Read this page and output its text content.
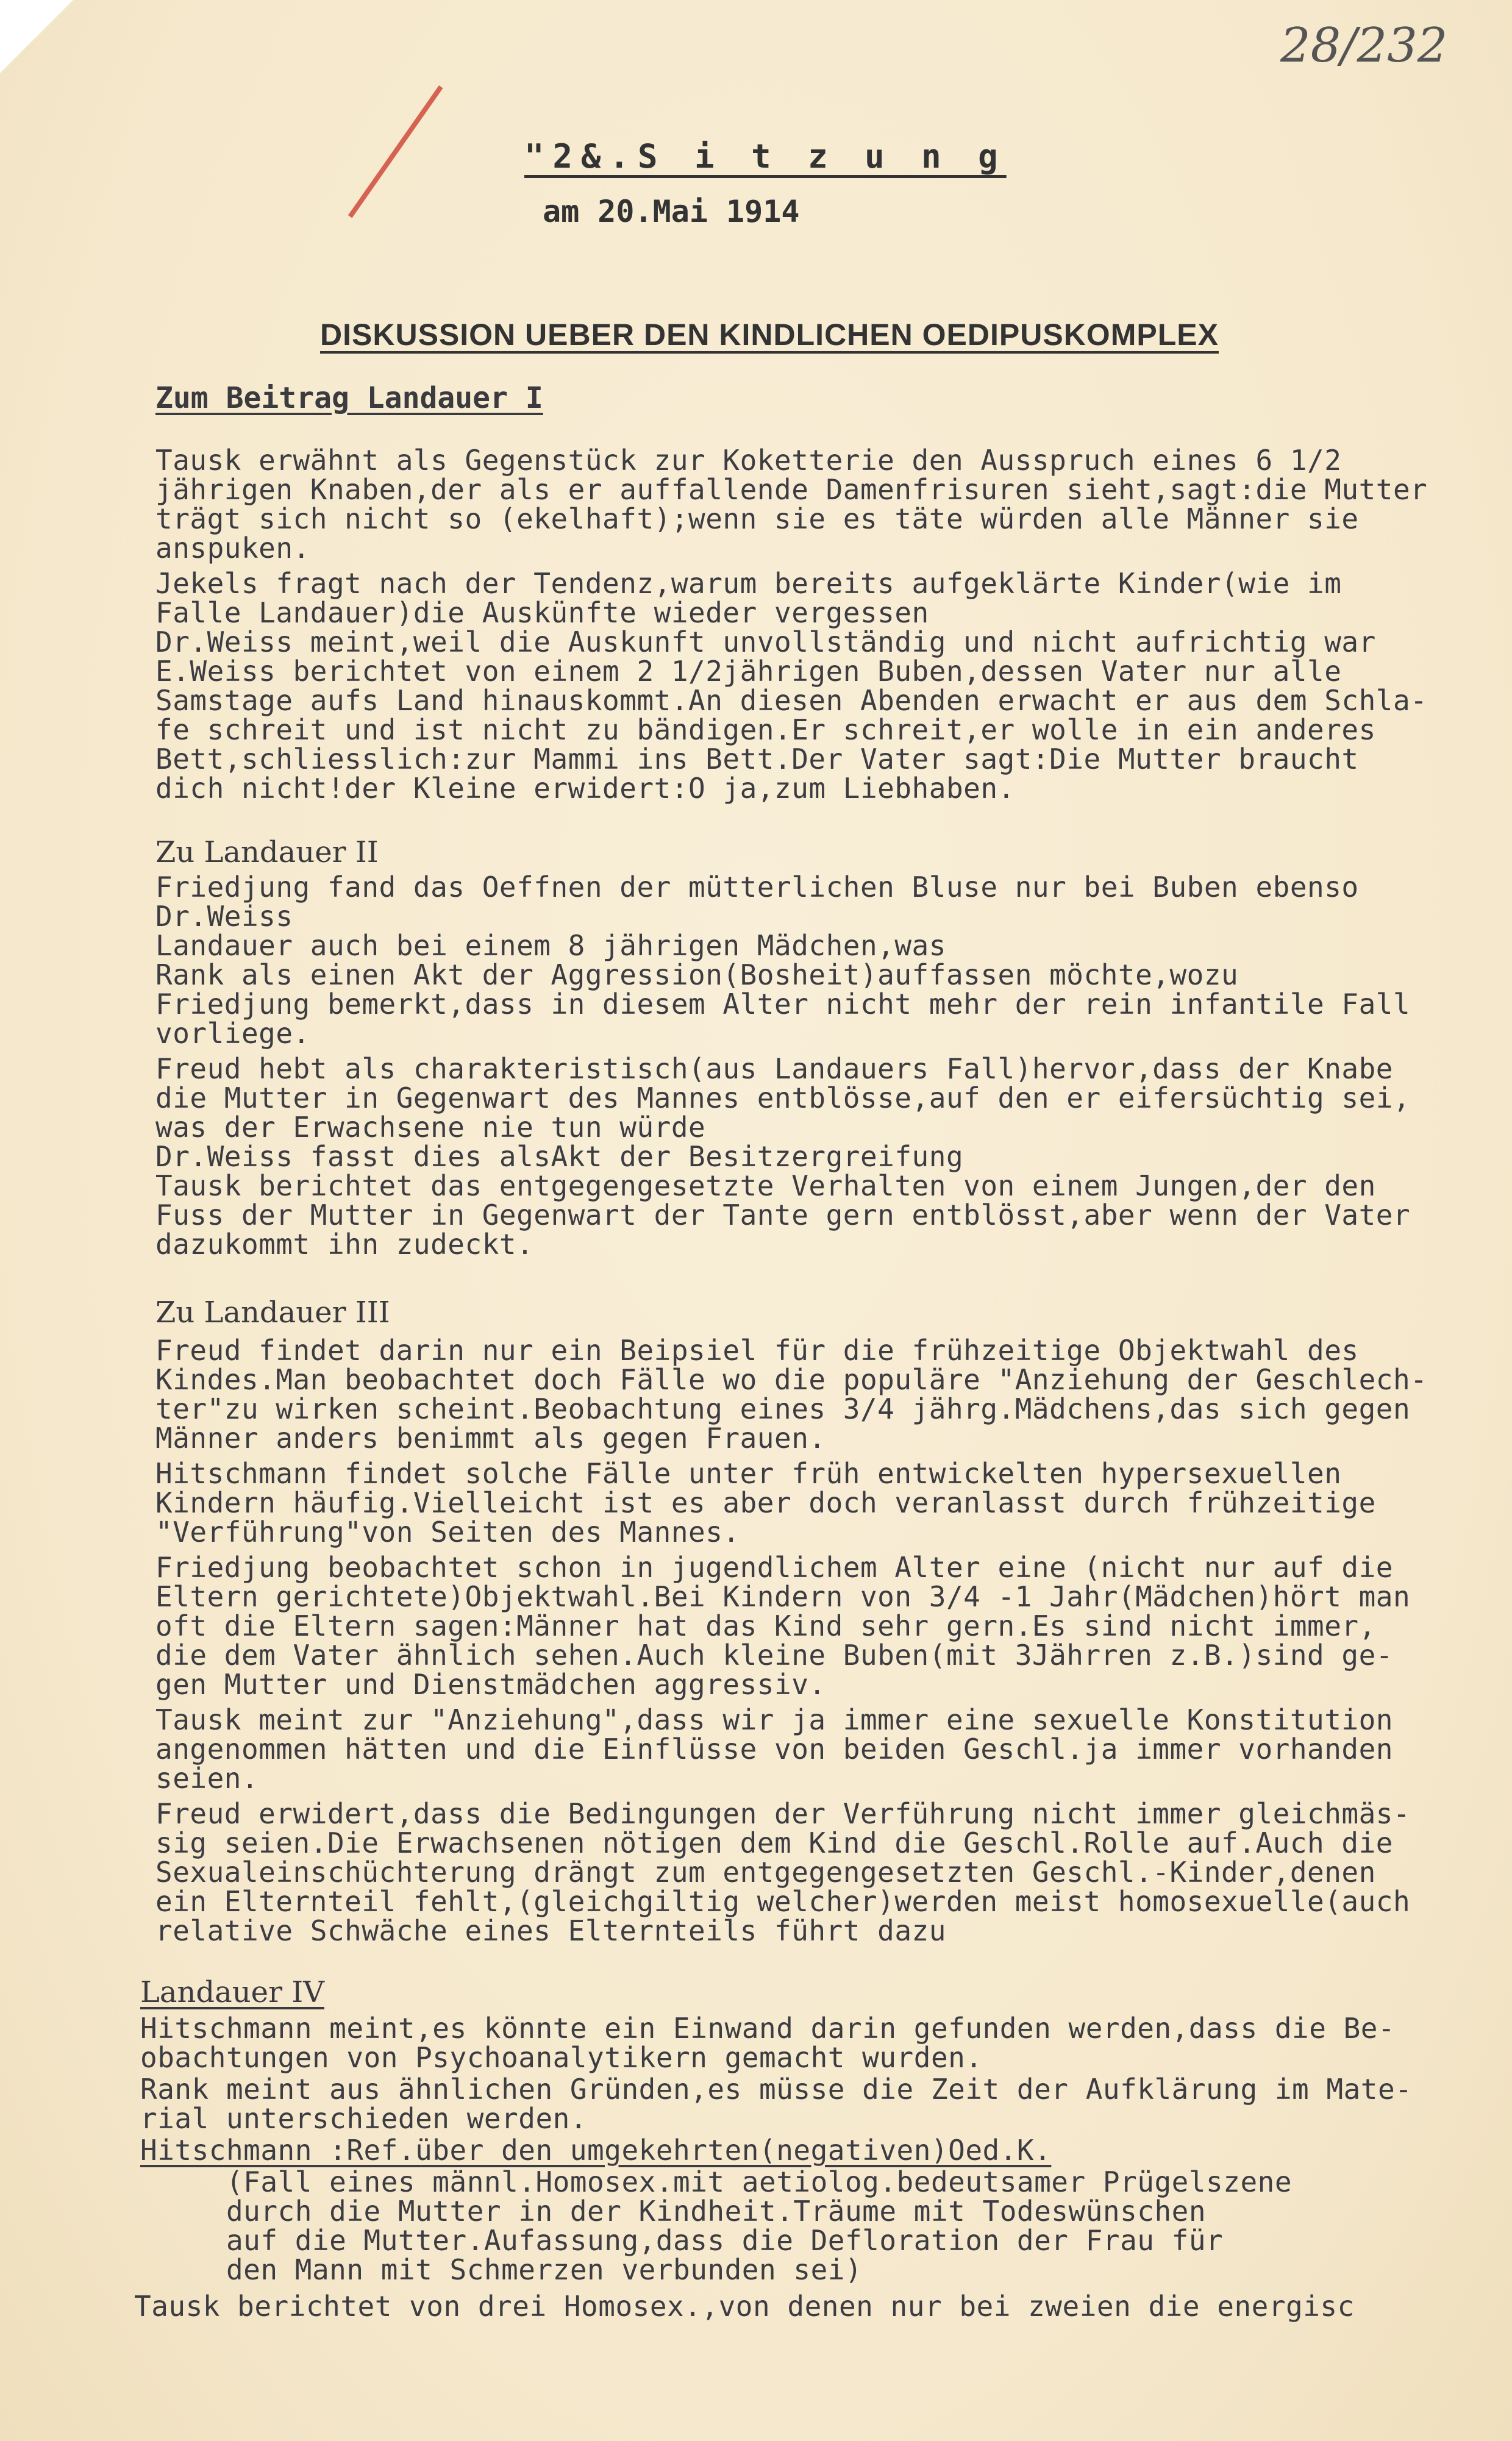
28/232
"2&.S i t z u n g
am 20.Mai 1914
DISKUSSION UEBER DEN KINDLICHEN OEDIPUSKOMPLEX
Zum Beitrag Landauer I
Tausk erwähnt als Gegenstück zur Koketterie den Ausspruch eines 6 1/2
jährigen Knaben,der als er auffallende Damenfrisuren sieht,sagt:die Mutter
trägt sich nicht so (ekelhaft);wenn sie es täte würden alle Männer sie
anspuken.
Jekels fragt nach der Tendenz,warum bereits aufgeklärte Kinder(wie im
Falle Landauer)die Auskünfte wieder vergessen
Dr.Weiss meint,weil die Auskunft unvollständig und nicht aufrichtig war
E.Weiss berichtet von einem 2 1/2jährigen Buben,dessen Vater nur alle
Samstage aufs Land hinauskommt.An diesen Abenden erwacht er aus dem Schla-
fe schreit und ist nicht zu bändigen.Er schreit,er wolle in ein anderes
Bett,schliesslich:zur Mammi ins Bett.Der Vater sagt:Die Mutter braucht
dich nicht!der Kleine erwidert:O ja,zum Liebhaben.
Zu Landauer II
Friedjung fand das Oeffnen der mütterlichen Bluse nur bei Buben ebenso
Dr.Weiss
Landauer auch bei einem 8 jährigen Mädchen,was
Rank als einen Akt der Aggression(Bosheit)auffassen möchte,wozu
Friedjung bemerkt,dass in diesem Alter nicht mehr der rein infantile Fall
vorliege.
Freud hebt als charakteristisch(aus Landauers Fall)hervor,dass der Knabe
die Mutter in Gegenwart des Mannes entblösse,auf den er eifersüchtig sei,
was der Erwachsene nie tun würde
Dr.Weiss fasst dies alsAkt der Besitzergreifung
Tausk berichtet das entgegengesetzte Verhalten von einem Jungen,der den
Fuss der Mutter in Gegenwart der Tante gern entblösst,aber wenn der Vater
dazukommt ihn zudeckt.
Zu Landauer III
Freud findet darin nur ein Beipsiel für die frühzeitige Objektwahl des
Kindes.Man beobachtet doch Fälle wo die populäre "Anziehung der Geschlech-
ter"zu wirken scheint.Beobachtung eines 3/4 jährg.Mädchens,das sich gegen
Männer anders benimmt als gegen Frauen.
Hitschmann findet solche Fälle unter früh entwickelten hypersexuellen
Kindern häufig.Vielleicht ist es aber doch veranlasst durch frühzeitige
"Verführung"von Seiten des Mannes.
Friedjung beobachtet schon in jugendlichem Alter eine (nicht nur auf die
Eltern gerichtete)Objektwahl.Bei Kindern von 3/4 -1 Jahr(Mädchen)hört man
oft die Eltern sagen:Männer hat das Kind sehr gern.Es sind nicht immer,
die dem Vater ähnlich sehen.Auch kleine Buben(mit 3Jährren z.B.)sind ge-
gen Mutter und Dienstmädchen aggressiv.
Tausk meint zur "Anziehung",dass wir ja immer eine sexuelle Konstitution
angenommen hätten und die Einflüsse von beiden Geschl.ja immer vorhanden
seien.
Freud erwidert,dass die Bedingungen der Verführung nicht immer gleichmäs-
sig seien.Die Erwachsenen nötigen dem Kind die Geschl.Rolle auf.Auch die
Sexualeinschüchterung drängt zum entgegengesetzten Geschl.-Kinder,denen
ein Elternteil fehlt,(gleichgiltig welcher)werden meist homosexuelle(auch
relative Schwäche eines Elternteils führt dazu
Landauer IV
Hitschmann meint,es könnte ein Einwand darin gefunden werden,dass die Be-
obachtungen von Psychoanalytikern gemacht wurden.
Rank meint aus ähnlichen Gründen,es müsse die Zeit der Aufklärung im Mate-
rial unterschieden werden.
Hitschmann :Ref.über den umgekehrten(negativen)Oed.K.
(Fall eines männl.Homosex.mit aetiolog.bedeutsamer Prügelszene
durch die Mutter in der Kindheit.Träume mit Todeswünschen
auf die Mutter.Aufassung,dass die Defloration der Frau für
den Mann mit Schmerzen verbunden sei)
Tausk berichtet von drei Homosex.,von denen nur bei zweien die energisc
